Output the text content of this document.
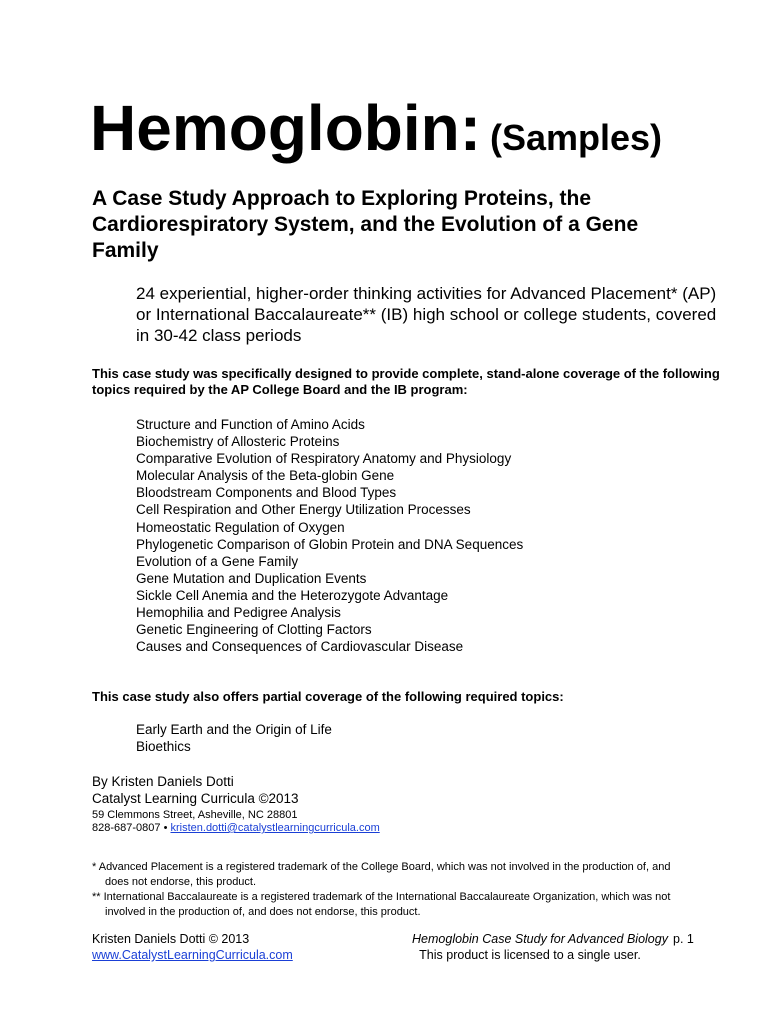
Hemoglobin: (Samples)
A Case Study Approach to Exploring Proteins, the Cardiorespiratory System, and the Evolution of a Gene Family

24 experiential, higher-order thinking activities for Advanced Placement* (AP) or International Baccalaureate** (IB) high school or college students, covered in 30-42 class periods

This case study was specifically designed to provide complete, stand-alone coverage of the following topics required by the AP College Board and the IB program:

Structure and Function of Amino Acids
Biochemistry of Allosteric Proteins
Comparative Evolution of Respiratory Anatomy and Physiology
Molecular Analysis of the Beta-globin Gene
Bloodstream Components and Blood Types
Cell Respiration and Other Energy Utilization Processes
Homeostatic Regulation of Oxygen
Phylogenetic Comparison of Globin Protein and DNA Sequences
Evolution of a Gene Family
Gene Mutation and Duplication Events
Sickle Cell Anemia and the Heterozygote Advantage
Hemophilia and Pedigree Analysis
Genetic Engineering of Clotting Factors
Causes and Consequences of Cardiovascular Disease

This case study also offers partial coverage of the following required topics:

Early Earth and the Origin of Life
Bioethics
By Kristen Daniels Dotti
Catalyst Learning Curricula ©2013

59 Clemmons Street, Asheville, NC 28801

828-687-0807 • kristen.dotti@catalystlearningcurricula.com

* Advanced Placement is a registered trademark of the College Board, which was not involved in the production of, and does not endorse, this product.
** International Baccalaureate is a registered trademark of the International Baccalaureate Organization, which was not involved in the production of, and does not endorse, this product.
Kristen Daniels Dotti © 2013
www.CatalystLearningCurricula.com
Hemoglobin Case Study for Advanced Biology
This product is licensed to a single user.
p. 1
